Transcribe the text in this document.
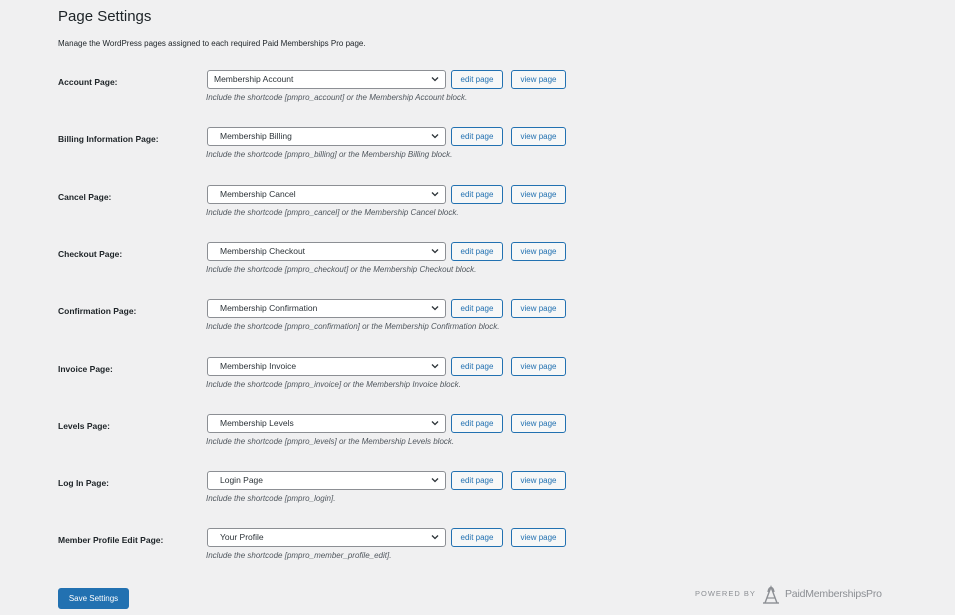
Page Settings
Manage the WordPress pages assigned to each required Paid Memberships Pro page.
Account Page:	Membership Account	edit page	view page
Include the shortcode [pmpro_account] or the Membership Account block.
Billing Information Page:	Membership Billing	edit page	view page
Include the shortcode [pmpro_billing] or the Membership Billing block.
Cancel Page:	Membership Cancel	edit page	view page
Include the shortcode [pmpro_cancel] or the Membership Cancel block.
Checkout Page:	Membership Checkout	edit page	view page
Include the shortcode [pmpro_checkout] or the Membership Checkout block.
Confirmation Page:	Membership Confirmation	edit page	view page
Include the shortcode [pmpro_confirmation] or the Membership Confirmation block.
Invoice Page:	Membership Invoice	edit page	view page
Include the shortcode [pmpro_invoice] or the Membership Invoice block.
Levels Page:	Membership Levels	edit page	view page
Include the shortcode [pmpro_levels] or the Membership Levels block.
Log In Page:	Login Page	edit page	view page
Include the shortcode [pmpro_login].
Member Profile Edit Page:	Your Profile	edit page	view page
Include the shortcode [pmpro_member_profile_edit].
Save Settings
POWERED BY	PaidMembershipsPro
